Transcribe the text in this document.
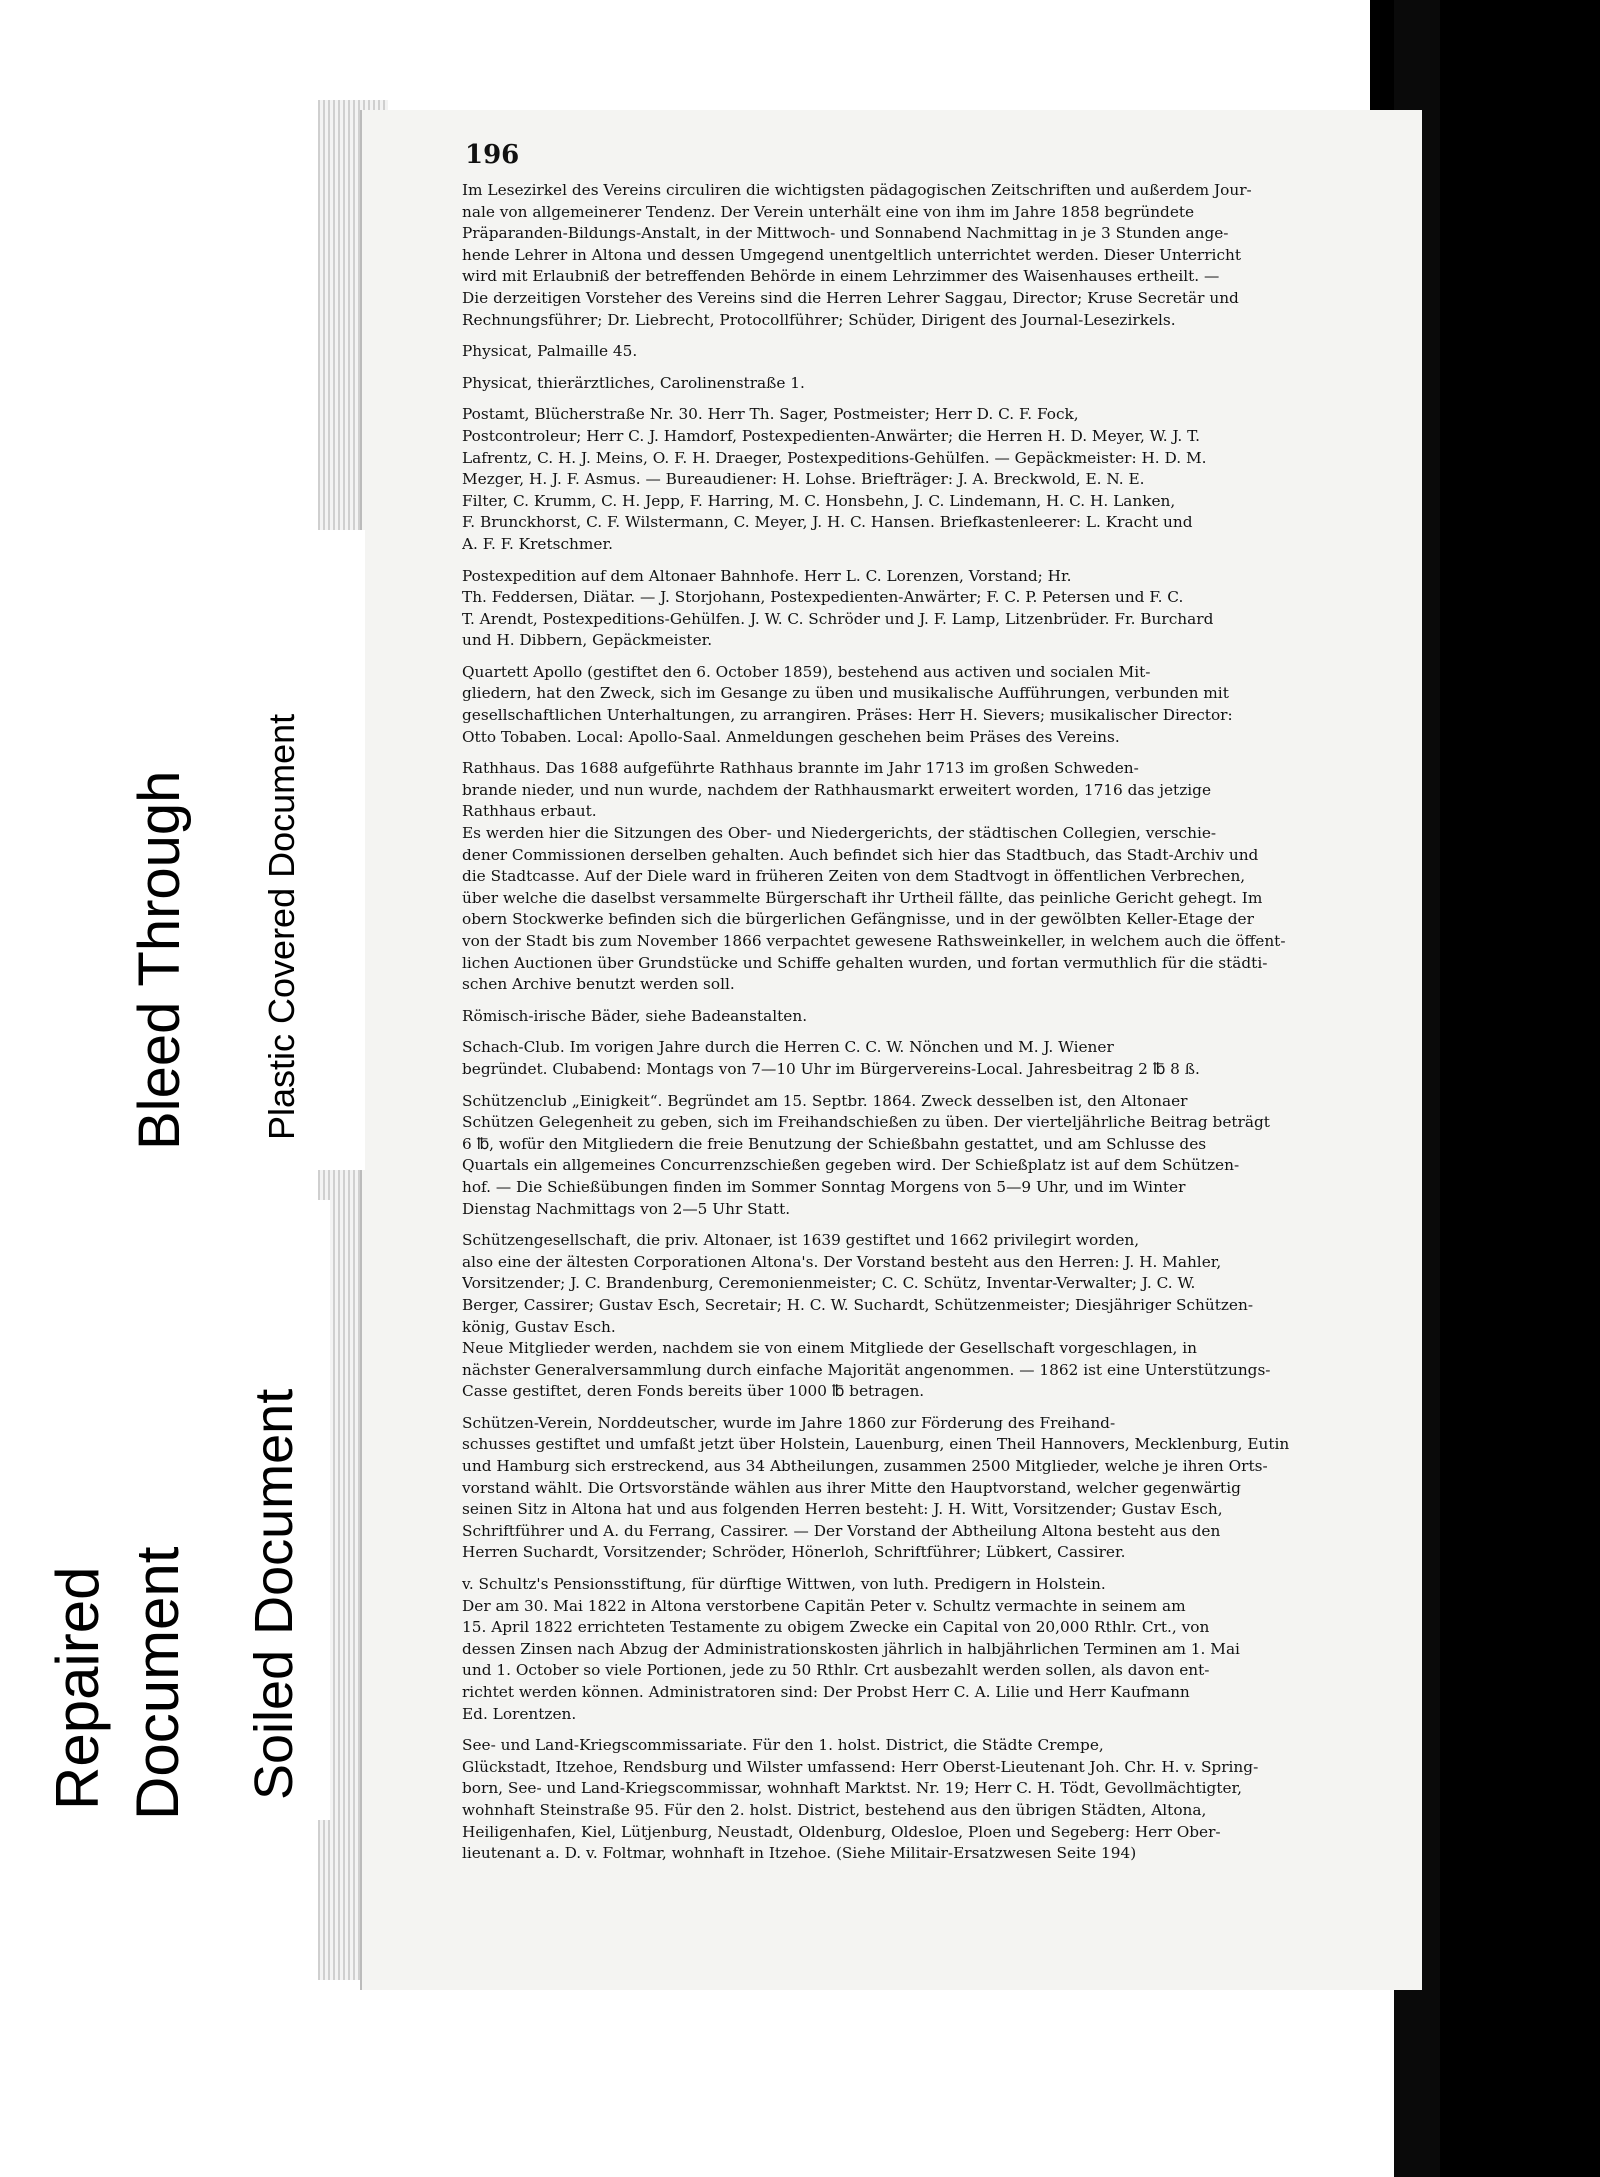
196
Im Lesezirkel des Vereins circuliren die wichtigsten pädagogischen Zeitschriften und außerdem Jour-
nale von allgemeinerer Tendenz. Der Verein unterhält eine von ihm im Jahre 1858 begründete
Präparanden-Bildungs-Anstalt, in der Mittwoch- und Sonnabend Nachmittag in je 3 Stunden ange-
hende Lehrer in Altona und dessen Umgegend unentgeltlich unterrichtet werden. Dieser Unterricht
wird mit Erlaubniß der betreffenden Behörde in einem Lehrzimmer des Waisenhauses ertheilt. —
Die derzeitigen Vorsteher des Vereins sind die Herren Lehrer Saggau, Director; Kruse Secretär und
Rechnungsführer; Dr. Liebrecht, Protocollführer; Schüder, Dirigent des Journal-Lesezirkels.
Physicat, Palmaille 45.
Physicat, thierärztliches, Carolinenstraße 1.
Postamt, Blücherstraße Nr. 30. Herr Th. Sager, Postmeister; Herr D. C. F. Fock,
Postcontroleur; Herr C. J. Hamdorf, Postexpedienten-Anwärter; die Herren H. D. Meyer, W. J. T.
Lafrentz, C. H. J. Meins, O. F. H. Draeger, Postexpeditions-Gehülfen. — Gepäckmeister: H. D. M.
Mezger, H. J. F. Asmus. — Bureaudiener: H. Lohse. Briefträger: J. A. Breckwold, E. N. E.
Filter, C. Krumm, C. H. Jepp, F. Harring, M. C. Honsbehn, J. C. Lindemann, H. C. H. Lanken,
F. Brunckhorst, C. F. Wilstermann, C. Meyer, J. H. C. Hansen. Briefkastenleerer: L. Kracht und
A. F. F. Kretschmer.
Postexpedition auf dem Altonaer Bahnhofe. Herr L. C. Lorenzen, Vorstand; Hr.
Th. Feddersen, Diätar. — J. Storjohann, Postexpedienten-Anwärter; F. C. P. Petersen und F. C.
T. Arendt, Postexpeditions-Gehülfen. J. W. C. Schröder und J. F. Lamp, Litzenbrüder. Fr. Burchard
und H. Dibbern, Gepäckmeister.
Quartett Apollo (gestiftet den 6. October 1859), bestehend aus activen und socialen Mit-
gliedern, hat den Zweck, sich im Gesange zu üben und musikalische Aufführungen, verbunden mit
gesellschaftlichen Unterhaltungen, zu arrangiren. Präses: Herr H. Sievers; musikalischer Director:
Otto Tobaben. Local: Apollo-Saal. Anmeldungen geschehen beim Präses des Vereins.
Rathhaus. Das 1688 aufgeführte Rathhaus brannte im Jahr 1713 im großen Schweden-
brande nieder, und nun wurde, nachdem der Rathhausmarkt erweitert worden, 1716 das jetzige
Rathhaus erbaut.
Es werden hier die Sitzungen des Ober- und Niedergerichts, der städtischen Collegien, verschie-
dener Commissionen derselben gehalten. Auch befindet sich hier das Stadtbuch, das Stadt-Archiv und
die Stadtcasse. Auf der Diele ward in früheren Zeiten von dem Stadtvogt in öffentlichen Verbrechen,
über welche die daselbst versammelte Bürgerschaft ihr Urtheil fällte, das peinliche Gericht gehegt. Im
obern Stockwerke befinden sich die bürgerlichen Gefängnisse, und in der gewölbten Keller-Etage der
von der Stadt bis zum November 1866 verpachtet gewesene Rathsweinkeller, in welchem auch die öffent-
lichen Auctionen über Grundstücke und Schiffe gehalten wurden, und fortan vermuthlich für die städti-
schen Archive benutzt werden soll.
Römisch-irische Bäder, siehe Badeanstalten.
Schach-Club. Im vorigen Jahre durch die Herren C. C. W. Nönchen und M. J. Wiener
begründet. Clubabend: Montags von 7—10 Uhr im Bürgervereins-Local. Jahresbeitrag 2 ℔ 8 ß.
Schützenclub „Einigkeit“. Begründet am 15. Septbr. 1864. Zweck desselben ist, den Altonaer
Schützen Gelegenheit zu geben, sich im Freihandschießen zu üben. Der vierteljährliche Beitrag beträgt
6 ℔, wofür den Mitgliedern die freie Benutzung der Schießbahn gestattet, und am Schlusse des
Quartals ein allgemeines Concurrenzschießen gegeben wird. Der Schießplatz ist auf dem Schützen-
hof. — Die Schießübungen finden im Sommer Sonntag Morgens von 5—9 Uhr, und im Winter
Dienstag Nachmittags von 2—5 Uhr Statt.
Schützengesellschaft, die priv. Altonaer, ist 1639 gestiftet und 1662 privilegirt worden,
also eine der ältesten Corporationen Altona's. Der Vorstand besteht aus den Herren: J. H. Mahler,
Vorsitzender; J. C. Brandenburg, Ceremonienmeister; C. C. Schütz, Inventar-Verwalter; J. C. W.
Berger, Cassirer; Gustav Esch, Secretair; H. C. W. Suchardt, Schützenmeister; Diesjähriger Schützen-
könig, Gustav Esch.
Neue Mitglieder werden, nachdem sie von einem Mitgliede der Gesellschaft vorgeschlagen, in
nächster Generalversammlung durch einfache Majorität angenommen. — 1862 ist eine Unterstützungs-
Casse gestiftet, deren Fonds bereits über 1000 ℔ betragen.
Schützen-Verein, Norddeutscher, wurde im Jahre 1860 zur Förderung des Freihand-
schusses gestiftet und umfaßt jetzt über Holstein, Lauenburg, einen Theil Hannovers, Mecklenburg, Eutin
und Hamburg sich erstreckend, aus 34 Abtheilungen, zusammen 2500 Mitglieder, welche je ihren Orts-
vorstand wählt. Die Ortsvorstände wählen aus ihrer Mitte den Hauptvorstand, welcher gegenwärtig
seinen Sitz in Altona hat und aus folgenden Herren besteht: J. H. Witt, Vorsitzender; Gustav Esch,
Schriftführer und A. du Ferrang, Cassirer. — Der Vorstand der Abtheilung Altona besteht aus den
Herren Suchardt, Vorsitzender; Schröder, Hönerloh, Schriftführer; Lübkert, Cassirer.
v. Schultz's Pensionsstiftung, für dürftige Wittwen, von luth. Predigern in Holstein.
Der am 30. Mai 1822 in Altona verstorbene Capitän Peter v. Schultz vermachte in seinem am
15. April 1822 errichteten Testamente zu obigem Zwecke ein Capital von 20,000 Rthlr. Crt., von
dessen Zinsen nach Abzug der Administrationskosten jährlich in halbjährlichen Terminen am 1. Mai
und 1. October so viele Portionen, jede zu 50 Rthlr. Crt ausbezahlt werden sollen, als davon ent-
richtet werden können. Administratoren sind: Der Probst Herr C. A. Lilie und Herr Kaufmann
Ed. Lorentzen.
See- und Land-Kriegscommissariate. Für den 1. holst. District, die Städte Crempe,
Glückstadt, Itzehoe, Rendsburg und Wilster umfassend: Herr Oberst-Lieutenant Joh. Chr. H. v. Spring-
born, See- und Land-Kriegscommissar, wohnhaft Marktst. Nr. 19; Herr C. H. Tödt, Gevollmächtigter,
wohnhaft Steinstraße 95. Für den 2. holst. District, bestehend aus den übrigen Städten, Altona,
Heiligenhafen, Kiel, Lütjenburg, Neustadt, Oldenburg, Oldesloe, Ploen und Segeberg: Herr Ober-
lieutenant a. D. v. Foltmar, wohnhaft in Itzehoe. (Siehe Militair-Ersatzwesen Seite 194)
Bleed Through	Plastic Covered Document
Repaired Document Soiled Document
